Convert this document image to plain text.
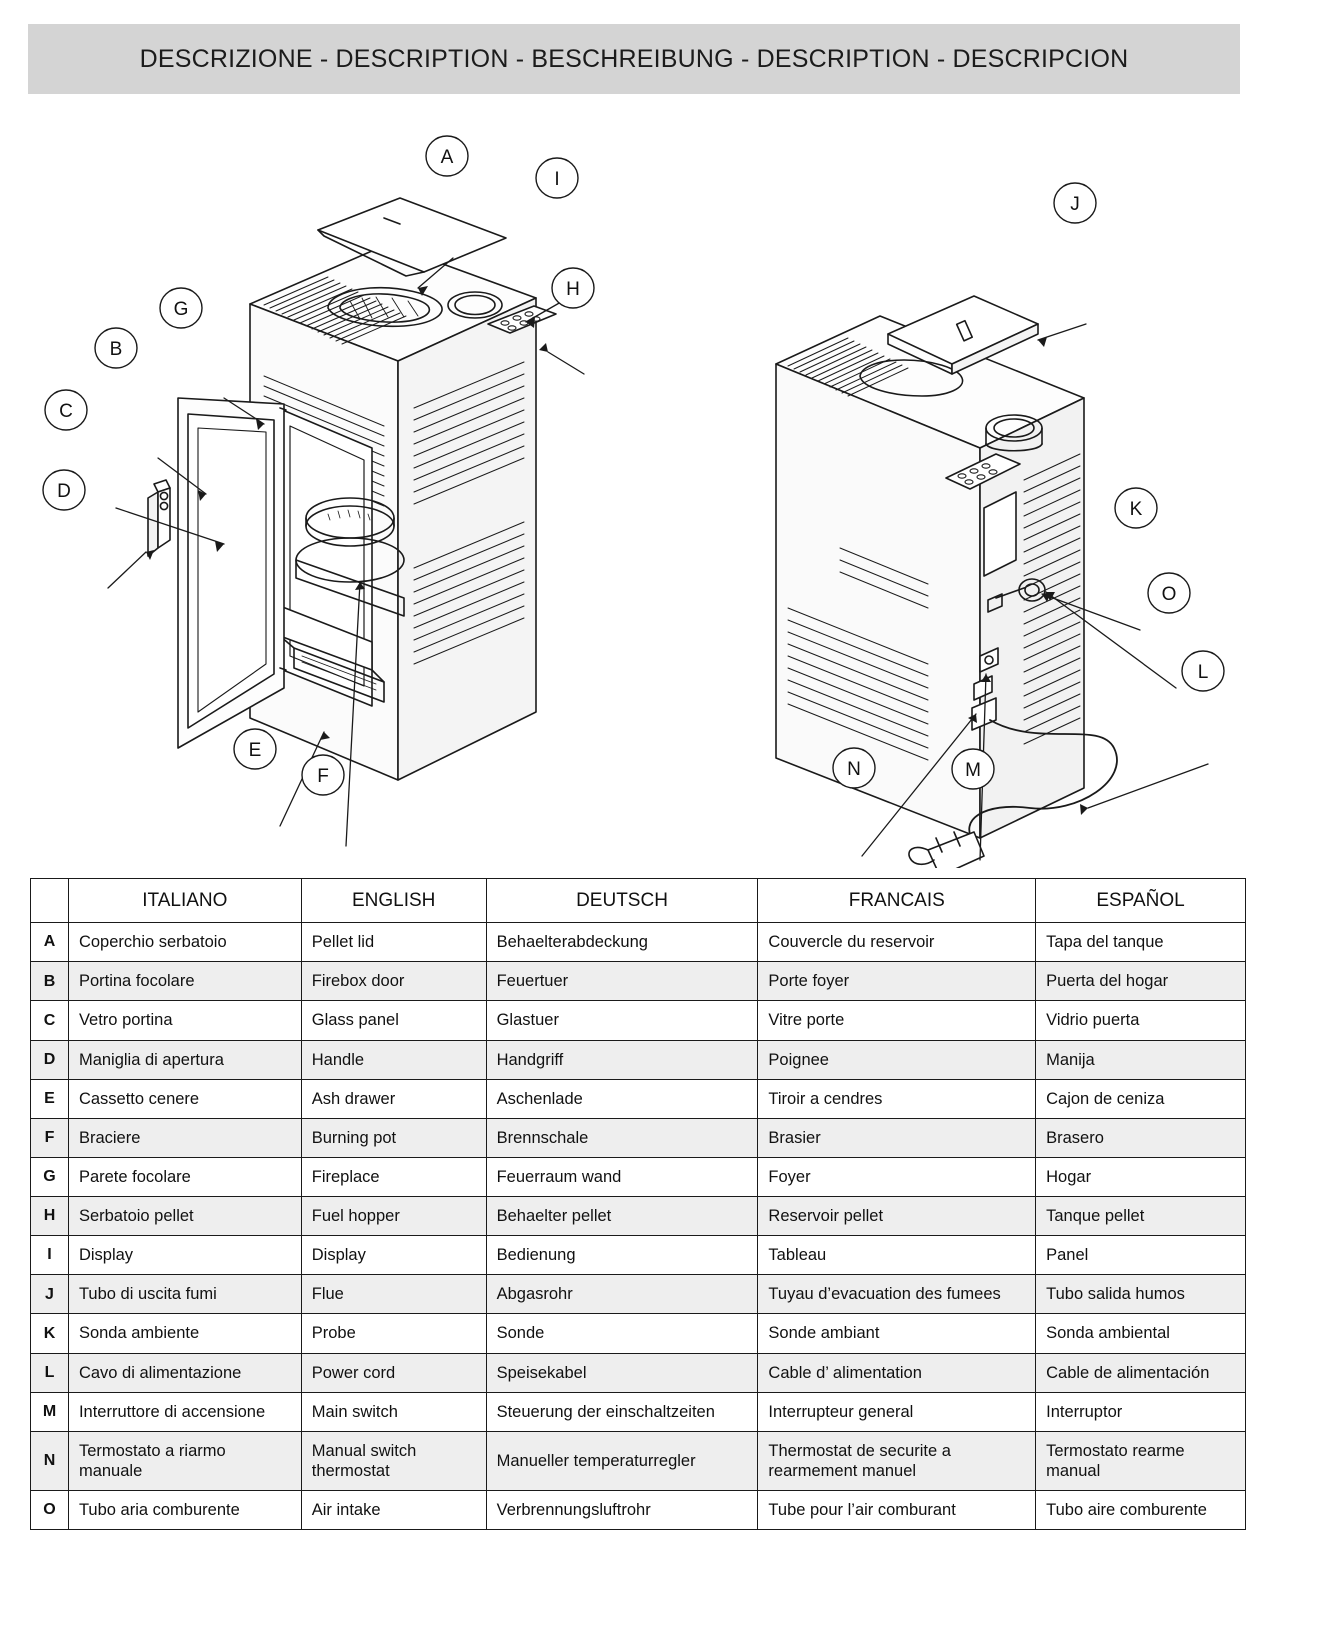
DESCRIZIONE - DESCRIPTION - BESCHREIBUNG - DESCRIPTION - DESCRIPCION
A
I
H
G
B
C
D
E
F
J
K
O
L
N	M
	ITALIANO	ENGLISH	DEUTSCH	FRANCAIS	ESPAÑOL
A	Coperchio serbatoio	Pellet lid	Behaelterabdeckung	Couvercle du reservoir	Tapa del tanque
B	Portina focolare	Firebox door	Feuertuer	Porte foyer	Puerta del hogar
C	Vetro portina	Glass panel	Glastuer	Vitre porte	Vidrio puerta
D	Maniglia di apertura	Handle	Handgriff	Poignee	Manija
E	Cassetto cenere	Ash drawer	Aschenlade	Tiroir a cendres	Cajon de ceniza
F	Braciere	Burning pot	Brennschale	Brasier	Brasero
G	Parete focolare	Fireplace	Feuerraum wand	Foyer	Hogar
H	Serbatoio pellet	Fuel hopper	Behaelter pellet	Reservoir pellet	Tanque pellet
I	Display	Display	Bedienung	Tableau	Panel
J	Tubo di uscita fumi	Flue	Abgasrohr	Tuyau d’evacuation des fumees	Tubo salida humos
K	Sonda ambiente	Probe	Sonde	Sonde ambiant	Sonda ambiental
L	Cavo di alimentazione	Power cord	Speisekabel	Cable d’ alimentation	Cable de alimentación
M	Interruttore di accensione	Main switch	Steuerung der einschaltzeiten	Interrupteur general	Interruptor
N	Termostato a riarmo manuale	Manual switch thermostat	Manueller temperaturregler	Thermostat de securite a rearmement manuel	Termostato rearme manual
O	Tubo aria comburente	Air intake	Verbrennungsluftrohr	Tube pour l’air comburant	Tubo aire comburente
